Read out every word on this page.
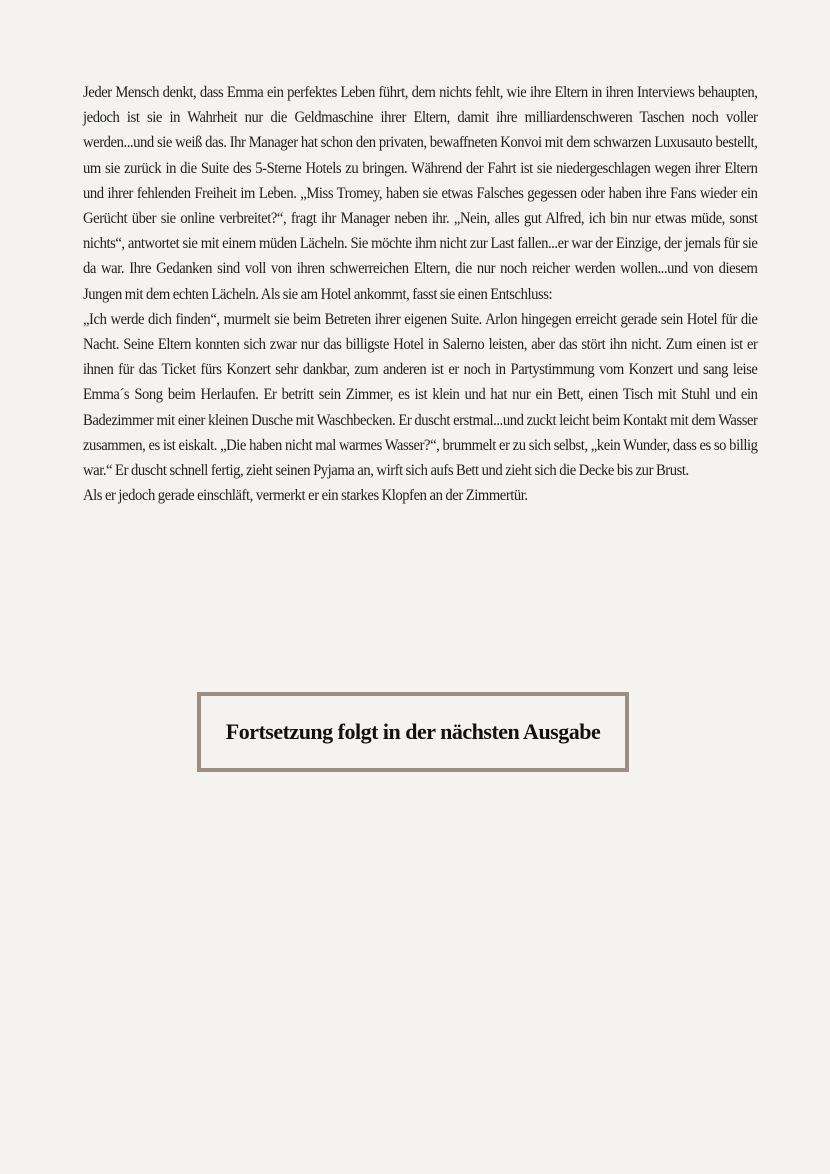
Jeder Mensch denkt, dass Emma ein perfektes Leben führt, dem nichts fehlt, wie ihre Eltern in ihren Interviews behaupten, jedoch ist sie in Wahrheit nur die Geldmaschine ihrer Eltern, damit ihre milliardenschweren Taschen noch voller werden...und sie weiß das. Ihr Manager hat schon den privaten, bewaffneten Konvoi mit dem schwarzen Luxusauto bestellt, um sie zurück in die Suite des 5-Sterne Hotels zu bringen. Während der Fahrt ist sie niedergeschlagen wegen ihrer Eltern und ihrer fehlenden Freiheit im Leben. „Miss Tromey, haben sie etwas Falsches gegessen oder haben ihre Fans wieder ein Gerücht über sie online verbreitet?“, fragt ihr Manager neben ihr. „Nein, alles gut Alfred, ich bin nur etwas müde, sonst nichts“, antwortet sie mit einem müden Lächeln. Sie möchte ihm nicht zur Last fallen...er war der Einzige, der jemals für sie da war. Ihre Gedanken sind voll von ihren schwerreichen Eltern, die nur noch reicher werden wollen...und von diesem Jungen mit dem echten Lächeln. Als sie am Hotel ankommt, fasst sie einen Entschluss:

„Ich werde dich finden“, murmelt sie beim Betreten ihrer eigenen Suite. Arlon hingegen erreicht gerade sein Hotel für die Nacht. Seine Eltern konnten sich zwar nur das billigste Hotel in Salerno leisten, aber das stört ihn nicht. Zum einen ist er ihnen für das Ticket fürs Konzert sehr dankbar, zum anderen ist er noch in Partystimmung vom Konzert und sang leise Emma´s Song beim Herlaufen. Er betritt sein Zimmer, es ist klein und hat nur ein Bett, einen Tisch mit Stuhl und ein Badezimmer mit einer kleinen Dusche mit Waschbecken. Er duscht erstmal...und zuckt leicht beim Kontakt mit dem Wasser zusammen, es ist eiskalt. „Die haben nicht mal warmes Wasser?“, brummelt er zu sich selbst, „kein Wunder, dass es so billig war.“ Er duscht schnell fertig, zieht seinen Pyjama an, wirft sich aufs Bett und zieht sich die Decke bis zur Brust.

Als er jedoch gerade einschläft, vermerkt er ein starkes Klopfen an der Zimmertür.

Fortsetzung folgt in der nächsten Ausgabe
